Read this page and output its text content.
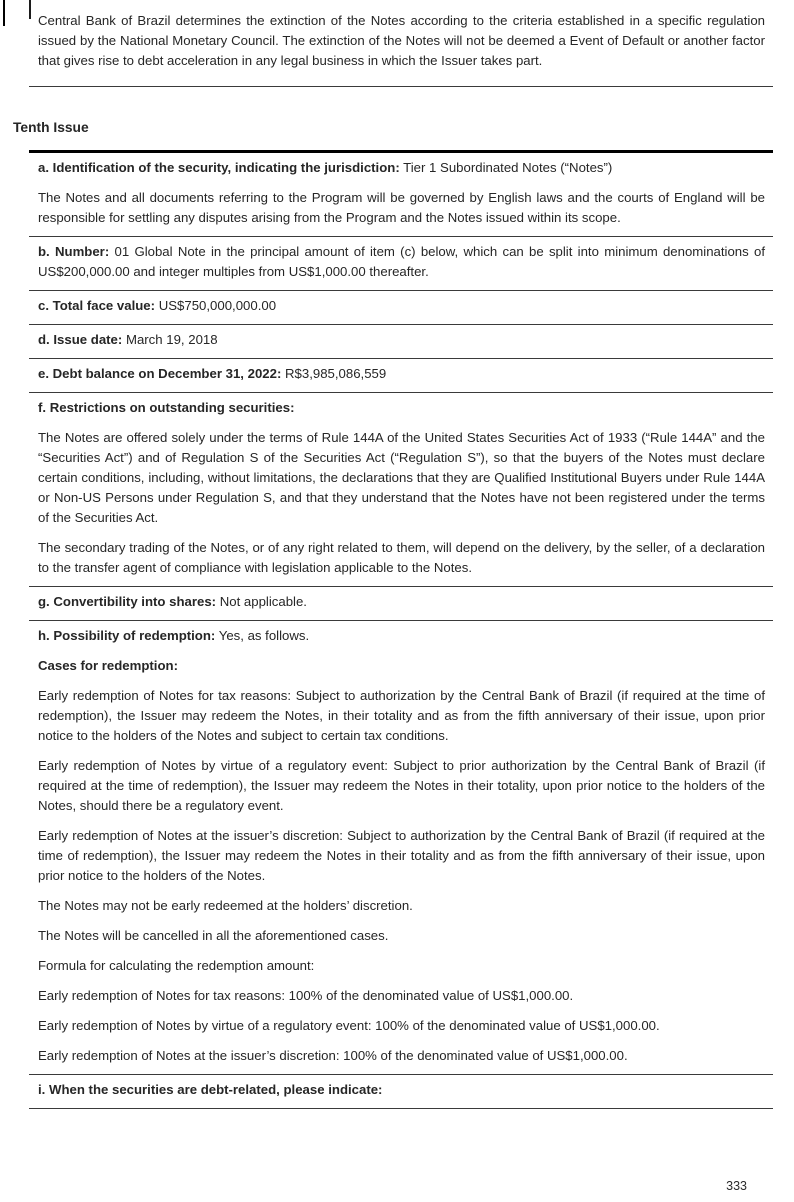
Central Bank of Brazil determines the extinction of the Notes according to the criteria established in a specific regulation issued by the National Monetary Council. The extinction of the Notes will not be deemed a Event of Default or another factor that gives rise to debt acceleration in any legal business in which the Issuer takes part.

Tenth Issue

a. Identification of the security, indicating the jurisdiction: Tier 1 Subordinated Notes (“Notes”)

The Notes and all documents referring to the Program will be governed by English laws and the courts of England will be responsible for settling any disputes arising from the Program and the Notes issued within its scope.

b. Number: 01 Global Note in the principal amount of item (c) below, which can be split into minimum denominations of US$200,000.00 and integer multiples from US$1,000.00 thereafter.

c. Total face value: US$750,000,000.00

d. Issue date: March 19, 2018

e. Debt balance on December 31, 2022: R$3,985,086,559

f. Restrictions on outstanding securities:

The Notes are offered solely under the terms of Rule 144A of the United States Securities Act of 1933 (“Rule 144A” and the “Securities Act”) and of Regulation S of the Securities Act (“Regulation S”), so that the buyers of the Notes must declare certain conditions, including, without limitations, the declarations that they are Qualified Institutional Buyers under Rule 144A or Non-US Persons under Regulation S, and that they understand that the Notes have not been registered under the terms of the Securities Act.

The secondary trading of the Notes, or of any right related to them, will depend on the delivery, by the seller, of a declaration to the transfer agent of compliance with legislation applicable to the Notes.

g. Convertibility into shares: Not applicable.

h. Possibility of redemption: Yes, as follows.

Cases for redemption:

Early redemption of Notes for tax reasons: Subject to authorization by the Central Bank of Brazil (if required at the time of redemption), the Issuer may redeem the Notes, in their totality and as from the fifth anniversary of their issue, upon prior notice to the holders of the Notes and subject to certain tax conditions.

Early redemption of Notes by virtue of a regulatory event: Subject to prior authorization by the Central Bank of Brazil (if required at the time of redemption), the Issuer may redeem the Notes in their totality, upon prior notice to the holders of the Notes, should there be a regulatory event.

Early redemption of Notes at the issuer’s discretion: Subject to authorization by the Central Bank of Brazil (if required at the time of redemption), the Issuer may redeem the Notes in their totality and as from the fifth anniversary of their issue, upon prior notice to the holders of the Notes.

The Notes may not be early redeemed at the holders’ discretion.

The Notes will be cancelled in all the aforementioned cases.

Formula for calculating the redemption amount:

Early redemption of Notes for tax reasons: 100% of the denominated value of US$1,000.00.

Early redemption of Notes by virtue of a regulatory event: 100% of the denominated value of US$1,000.00.

Early redemption of Notes at the issuer’s discretion: 100% of the denominated value of US$1,000.00.

i. When the securities are debt-related, please indicate:

333
